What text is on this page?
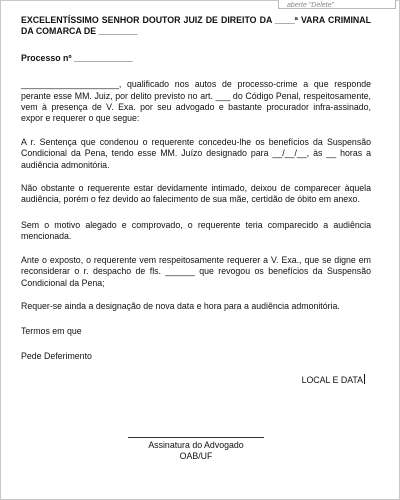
aberte "Delete"

EXCELENTÍSSIMO SENHOR DOUTOR JUIZ DE DIREITO DA ____ª VARA CRIMINAL DA COMARCA DE ________

Processo nº ____________

____________________, qualificado nos autos de processo-crime a que responde perante esse MM. Juiz, por delito previsto no art. ___ do Código Penal, respeitosamente, vem à presença de V. Exa. por seu advogado e bastante procurador infra-assinado, expor e requerer o que segue:

A r. Sentença que condenou o requerente concedeu-lhe os benefícios da Suspensão Condicional da Pena, tendo esse MM. Juízo designado para __/__/__, às __ horas a audiência admonitória.

Não obstante o requerente estar devidamente intimado, deixou de comparecer àquela audiência, porém o fez devido ao falecimento de sua mãe, certidão de óbito em anexo.

Sem o motivo alegado e comprovado, o requerente teria comparecido a audiência mencionada.

Ante o exposto, o requerente vem respeitosamente requerer a V. Exa., que se digne em reconsiderar o r. despacho de fls. ______ que revogou os benefícios da Suspensão Condicional da Pena;

Requer-se ainda a designação de nova data e hora para a audiência admonitória.

Termos em que

Pede Deferimento

LOCAL E DATA

Assinatura do Advogado
OAB/UF
